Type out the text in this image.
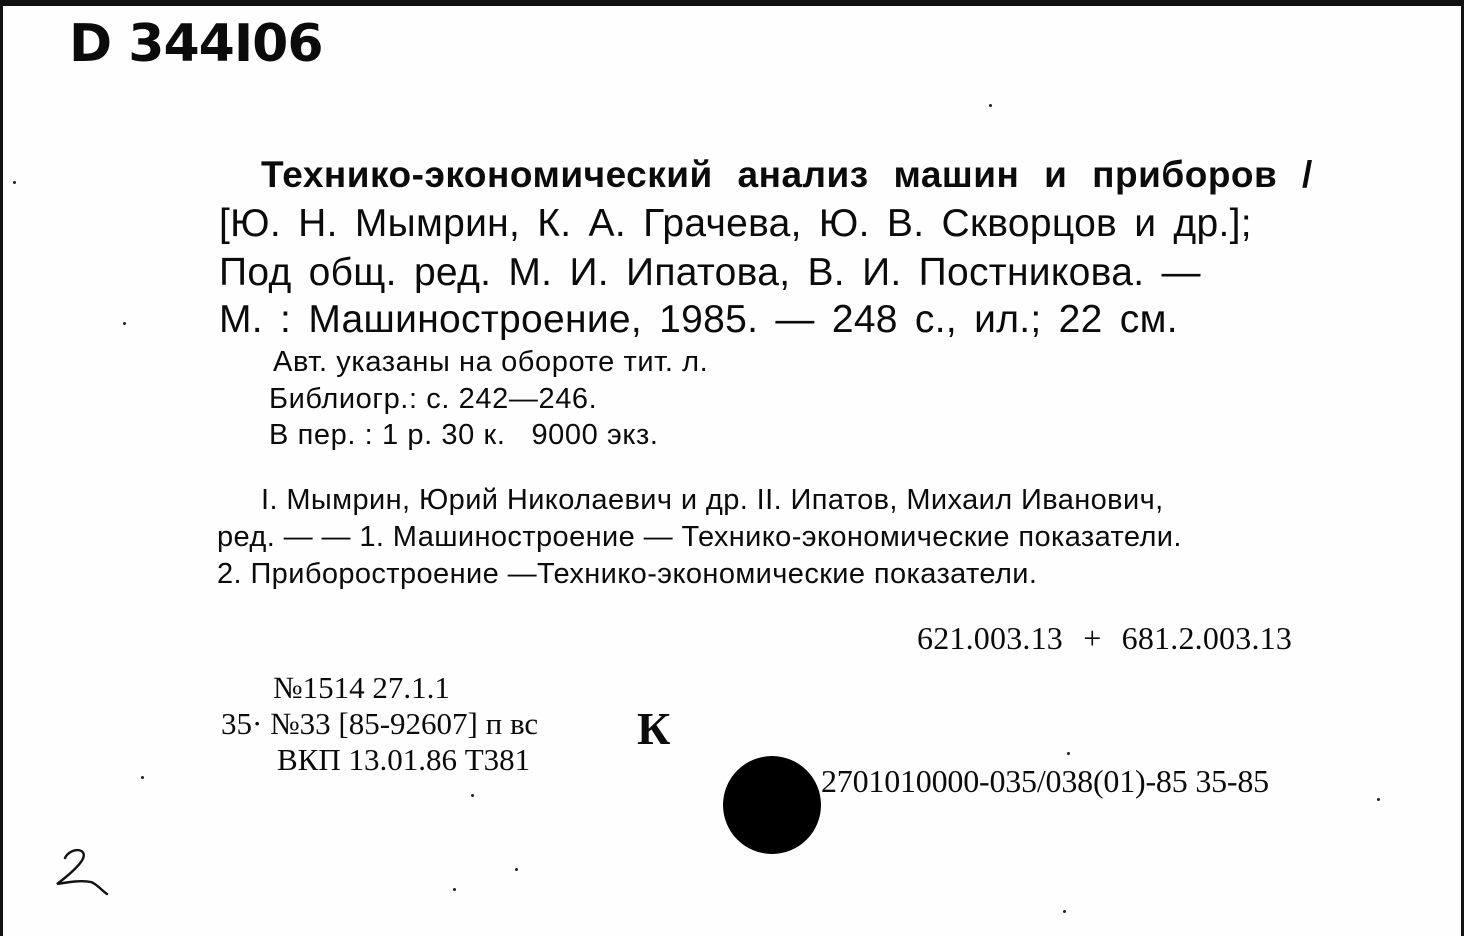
D 344I06
Технико-экономический анализ машин и приборов /
[Ю. Н. Мымрин, К. А. Грачева, Ю. В. Скворцов и др.];
Под общ. ред. М. И. Ипатова, В. И. Постникова. —
М. : Машиностроение, 1985. — 248 с., ил.; 22 см.
Авт. указаны на обороте тит. л.
Библиогр.: с. 242—246.
В пер. : 1 р. 30 к.   9000 экз.
I. Мымрин, Юрий Николаевич и др. II. Ипатов, Михаил Иванович,
ред. — — 1. Машиностроение — Технико-экономические показатели.
2. Приборостроение —Технико-экономические показатели.
621.003.13 + 681.2.003.13
№1514 27.1.1
35· №33 [85-92607] п вс
ВКП 13.01.86 Т381
К
2701010000-035/038(01)-85 35-85
